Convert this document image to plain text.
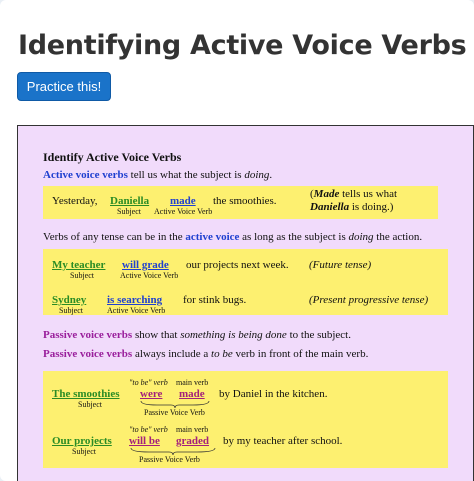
Identifying Active Voice Verbs
Practice this!
Identify Active Voice Verbs
Active voice verbs tell us what the subject is doing.
Yesterday, Daniella made the smoothies.
Subject Active Voice Verb
(Made tells us what
Daniella is doing.)
Verbs of any tense can be in the active voice as long as the subject is doing the action.
My teacher will grade our projects next week. (Future tense)
Subject	Active Voice Verb
Sydney is searching for stink bugs.	(Present progressive tense)
Subject	Active Voice Verb
Passive voice verbs show that something is being done to the subject.
Passive voice verbs always include a to be verb in front of the main verb.
"to be" verb main verb
The smoothies were made by Daniel in the kitchen.
Subject
Passive Voice Verb
"to be" verb main verb
Our projects will be graded by my teacher after school.
Subject
Passive Voice Verb
